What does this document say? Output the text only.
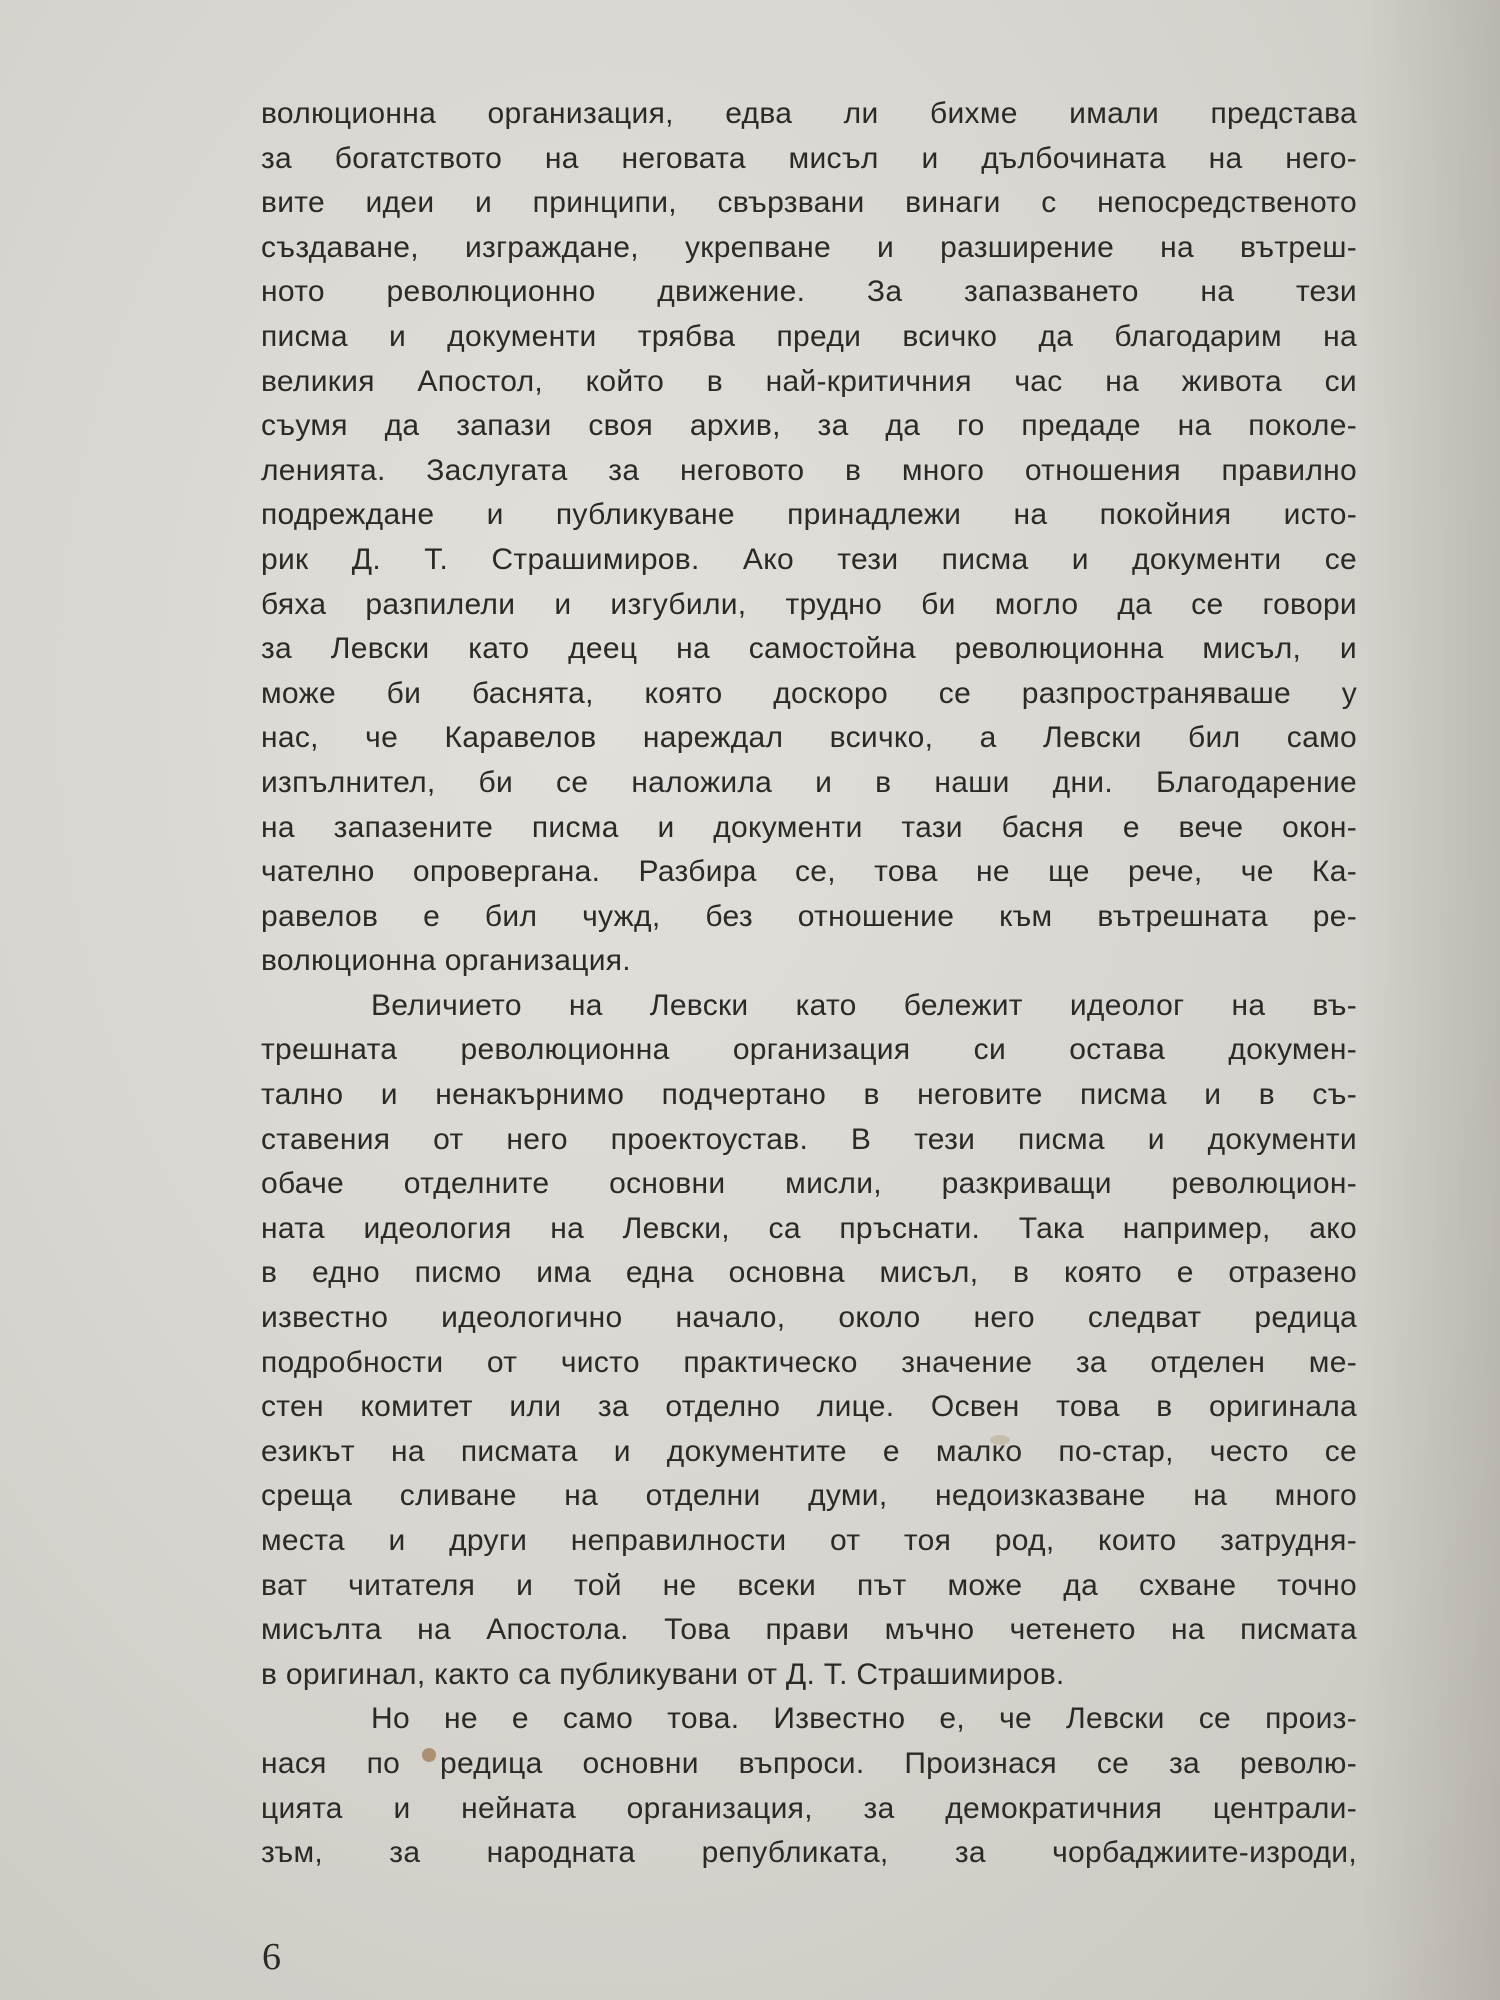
волюционна организация, едва ли бихме имали представа
за богатството на неговата мисъл и дълбочината на него-
вите идеи и принципи, свързвани винаги с непосредственото
създаване, изграждане, укрепване и разширение на вътреш-
ното революционно движение. За запазването на тези
писма и документи трябва преди всичко да благодарим на
великия Апостол, който в най-критичния час на живота си
съумя да запази своя архив, за да го предаде на поколе-
ленията. Заслугата за неговото в много отношения правилно
подреждане и публикуване принадлежи на покойния исто-
рик Д. Т. Страшимиров. Ако тези писма и документи се
бяха разпилели и изгубили, трудно би могло да се говори
за Левски като деец на самостойна революционна мисъл, и
може би баснята, която доскоро се разпространяваше у
нас, че Каравелов нареждал всичко, а Левски бил само
изпълнител, би се наложила и в наши дни. Благодарение
на запазените писма и документи тази басня е вече окон-
чателно опровергана. Разбира се, това не ще рече, че Ка-
равелов е бил чужд, без отношение към вътрешната ре-
волюционна организация.
Величието на Левски като бележит идеолог на въ-
трешната революционна организация си остава докумен-
тално и ненакърнимо подчертано в неговите писма и в съ-
ставения от него проектоустав. В тези писма и документи
обаче отделните основни мисли, разкриващи революцион-
ната идеология на Левски, са пръснати. Така например, ако
в едно писмо има една основна мисъл, в която е отразено
известно идеологично начало, около него следват редица
подробности от чисто практическо значение за отделен ме-
стен комитет или за отделно лице. Освен това в оригинала
езикът на писмата и документите е малко по-стар, често се
среща сливане на отделни думи, недоизказване на много
места и други неправилности от тоя род, които затрудня-
ват читателя и той не всеки път може да схване точно
мисълта на Апостола. Това прави мъчно четенето на писмата
в оригинал, както са публикувани от Д. Т. Страшимиров.
Но не е само това. Известно е, че Левски се произ-
нася по редица основни въпроси. Произнася се за револю-
цията и нейната организация, за демократичния централи-
зъм, за народната републиката, за чорбаджиите-изроди,
6
